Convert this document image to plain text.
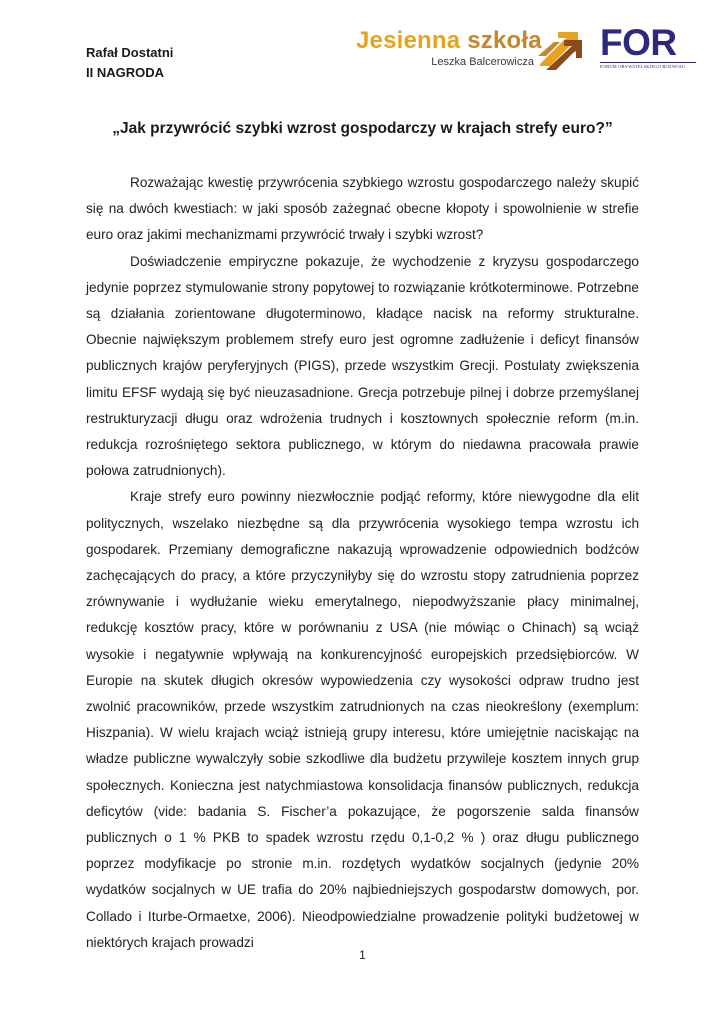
Rafał Dostatni
II NAGRODA
Jesienna szkoła
Leszka Balcerowicza FOR
FORUM OBYWATELSKIEGO ROZWOJU
„Jak przywrócić szybki wzrost gospodarczy w krajach strefy euro?”

Rozważając kwestię przywrócenia szybkiego wzrostu gospodarczego należy skupić się na dwóch kwestiach: w jaki sposób zażegnać obecne kłopoty i spowolnienie w strefie euro oraz jakimi mechanizmami przywrócić trwały i szybki wzrost?

Doświadczenie empiryczne pokazuje, że wychodzenie z kryzysu gospodarczego jedynie poprzez stymulowanie strony popytowej to rozwiązanie krótkoterminowe. Potrzebne są działania zorientowane długoterminowo, kładące nacisk na reformy strukturalne. Obecnie największym problemem strefy euro jest ogromne zadłużenie i deficyt finansów publicznych krajów peryferyjnych (PIGS), przede wszystkim Grecji. Postulaty zwiększenia limitu EFSF wydają się być nieuzasadnione. Grecja potrzebuje pilnej i dobrze przemyślanej restrukturyzacji długu oraz wdrożenia trudnych i kosztownych społecznie reform (m.in. redukcja rozrośniętego sektora publicznego, w którym do niedawna pracowała prawie połowa zatrudnionych).

Kraje strefy euro powinny niezwłocznie podjąć reformy, które niewygodne dla elit politycznych, wszelako niezbędne są dla przywrócenia wysokiego tempa wzrostu ich gospodarek. Przemiany demograficzne nakazują wprowadzenie odpowiednich bodźców zachęcających do pracy, a które przyczyniłyby się do wzrostu stopy zatrudnienia poprzez zrównywanie i wydłużanie wieku emerytalnego, niepodwyższanie płacy minimalnej, redukcję kosztów pracy, które w porównaniu z USA (nie mówiąc o Chinach) są wciąż wysokie i negatywnie wpływają na konkurencyjność europejskich przedsiębiorców. W Europie na skutek długich okresów wypowiedzenia czy wysokości odpraw trudno jest zwolnić pracowników, przede wszystkim zatrudnionych na czas nieokreślony (exemplum: Hiszpania). W wielu krajach wciąż istnieją grupy interesu, które umiejętnie naciskając na władze publiczne wywalczyły sobie szkodliwe dla budżetu przywileje kosztem innych grup społecznych. Konieczna jest natychmiastowa konsolidacja finansów publicznych, redukcja deficytów (vide: badania S. Fischer’a pokazujące, że pogorszenie salda finansów publicznych o 1 % PKB to spadek wzrostu rzędu 0,1-0,2 % ) oraz długu publicznego poprzez modyfikacje po stronie m.in. rozdętych wydatków socjalnych (jedynie 20% wydatków socjalnych w UE trafia do 20% najbiedniejszych gospodarstw domowych, por. Collado i Iturbe-Ormaetxe, 2006). Nieodpowiedzialne prowadzenie polityki budżetowej w niektórych krajach prowadzi

1
